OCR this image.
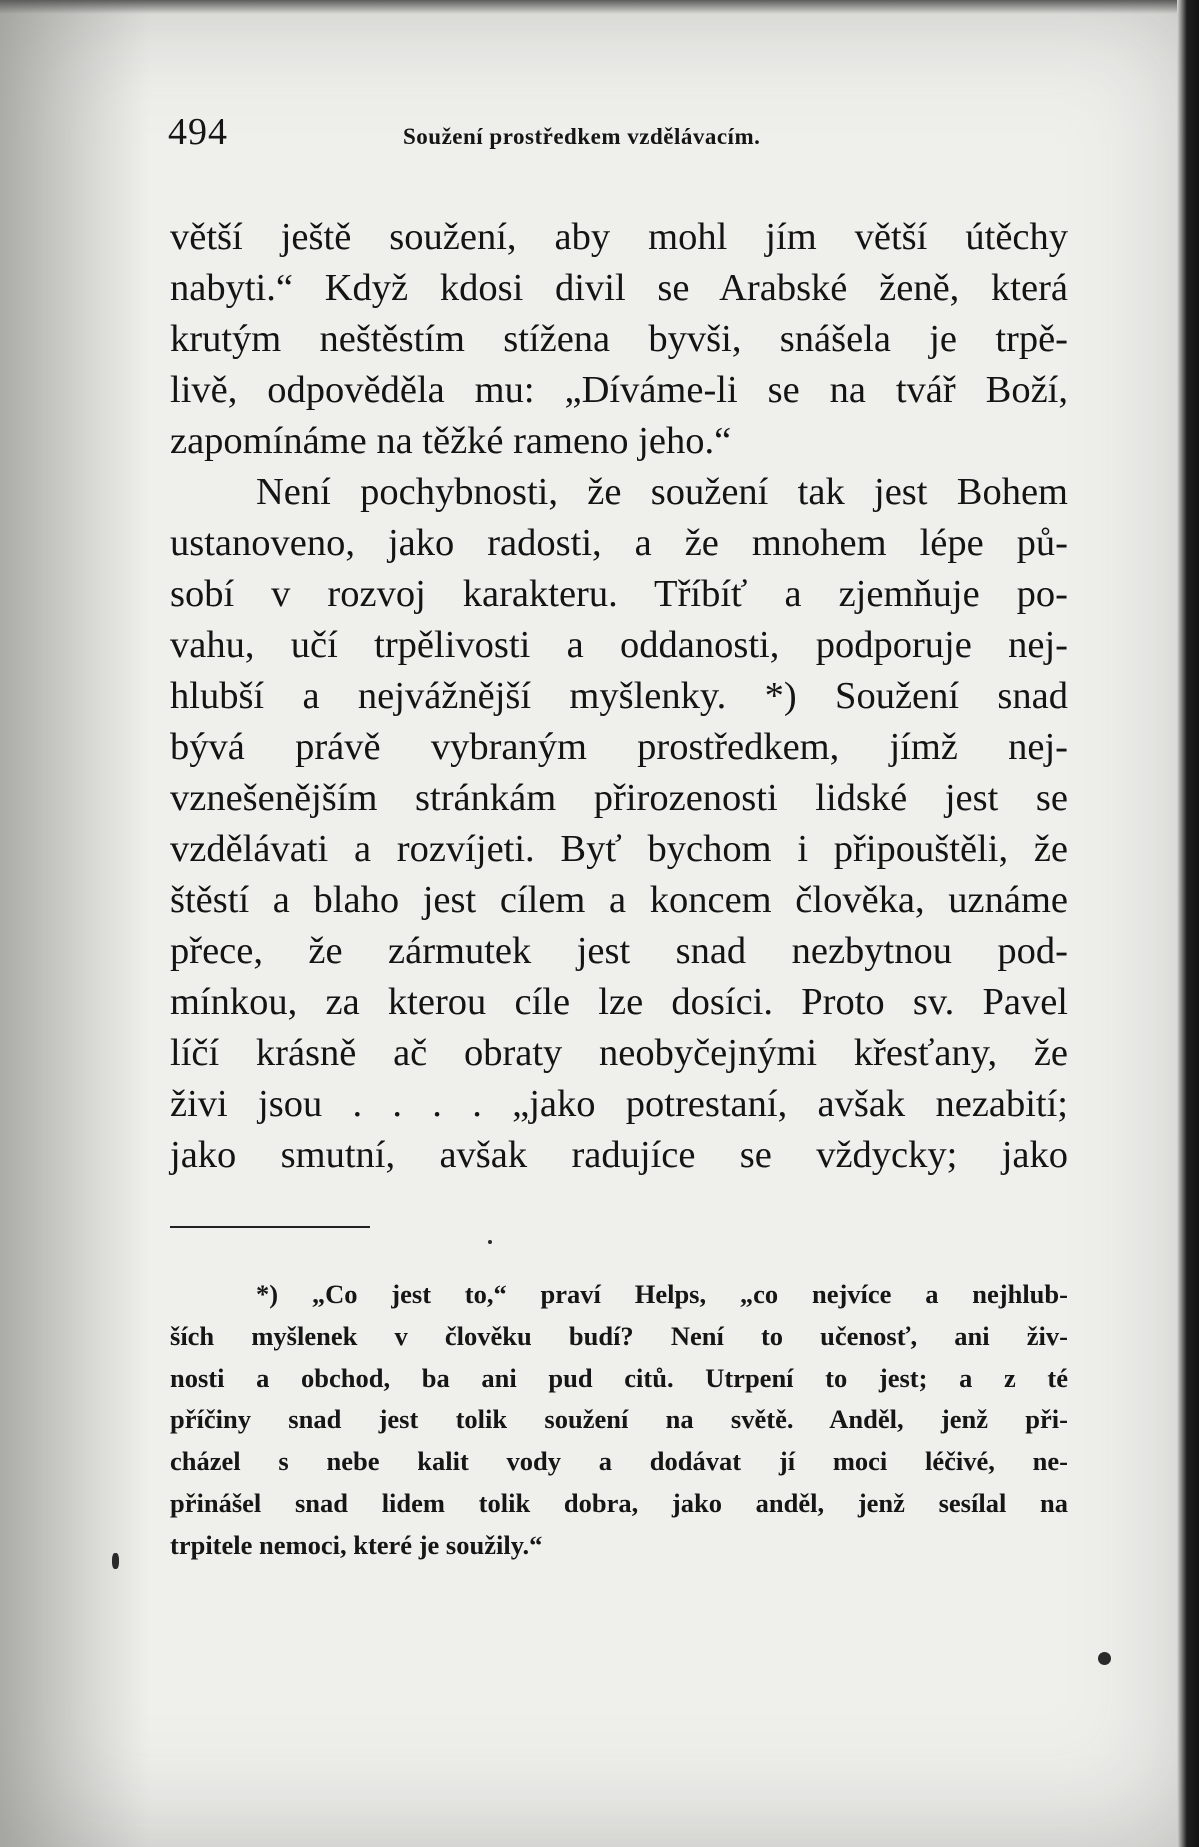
494	Soužení prostředkem vzdělávacím.
větší ještě soužení, aby mohl jím větší útěchy
nabyti.“ Když kdosi divil se Arabské ženě, která
krutým neštěstím stížena byvši, snášela je trpě-
livě, odpověděla mu: „Díváme-li se na tvář Boží,
zapomínáme na těžké rameno jeho.“
Není pochybnosti, že soužení tak jest Bohem
ustanoveno, jako radosti, a že mnohem lépe pů-
sobí v rozvoj karakteru. Tříbíť a zjemňuje po-
vahu, učí trpělivosti a oddanosti, podporuje nej-
hlubší a nejvážnější myšlenky. *) Soužení snad
bývá právě vybraným prostředkem, jímž nej-
vznešenějším stránkám přirozenosti lidské jest se
vzdělávati a rozvíjeti. Byť bychom i připouštěli, že
štěstí a blaho jest cílem a koncem člověka, uznáme
přece, že zármutek jest snad nezbytnou pod-
mínkou, za kterou cíle lze dosíci. Proto sv. Pavel
líčí krásně ač obraty neobyčejnými křesťany, že
živi jsou . . . . „jako potrestaní, avšak nezabití;
jako smutní, avšak radujíce se vždycky; jako
*) „Co jest to,“ praví Helps, „co nejvíce a nejhlub-
ších myšlenek v člověku budí? Není to učenosť, ani živ-
nosti a obchod, ba ani pud citů. Utrpení to jest; a z té
příčiny snad jest tolik soužení na světě. Anděl, jenž při-
cházel s nebe kalit vody a dodávat jí moci léčivé, ne-
přinášel snad lidem tolik dobra, jako anděl, jenž sesílal na
trpitele nemoci, které je soužily.“
